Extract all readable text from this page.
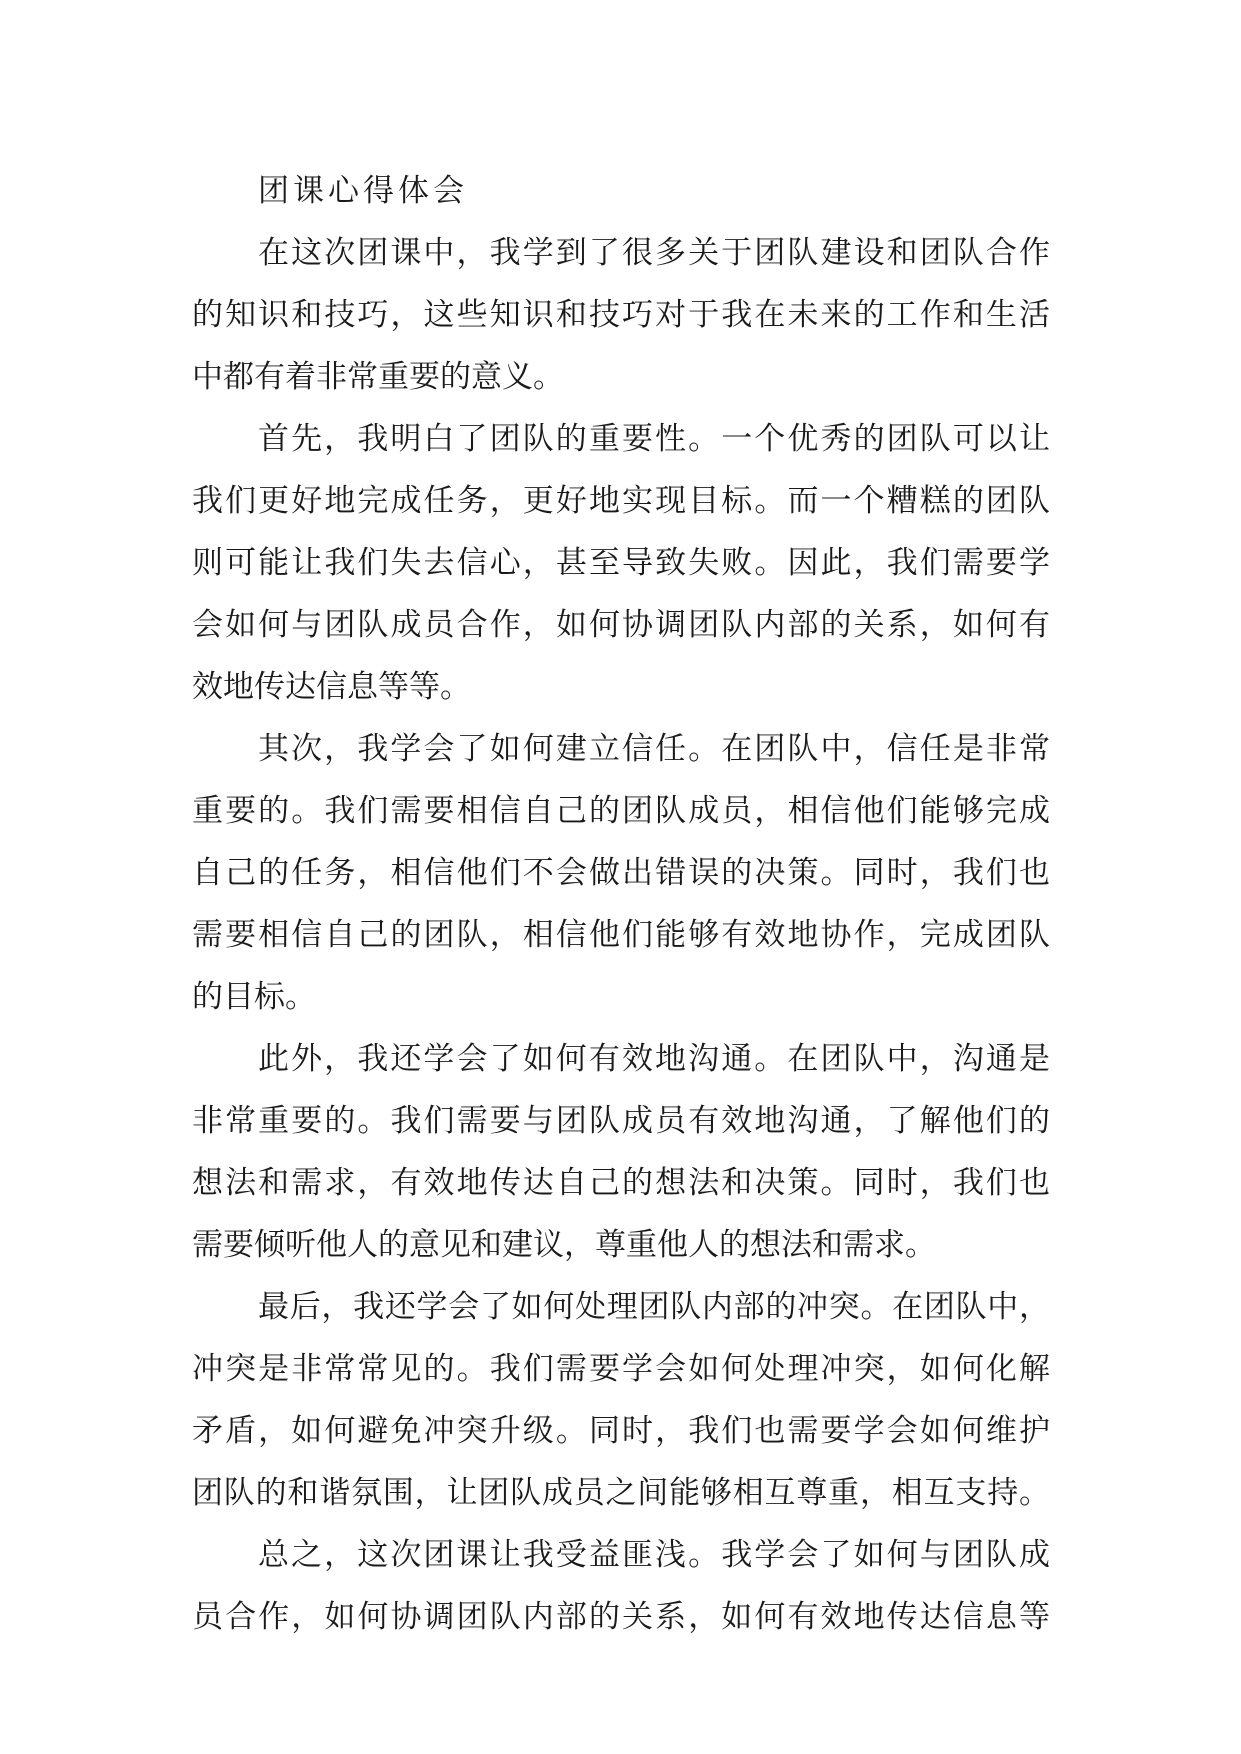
团课心得体会
在这次团课中，我学到了很多关于团队建设和团队合作
的知识和技巧，这些知识和技巧对于我在未来的工作和生活
中都有着非常重要的意义。
首先，我明白了团队的重要性。一个优秀的团队可以让
我们更好地完成任务，更好地实现目标。而一个糟糕的团队
则可能让我们失去信心，甚至导致失败。因此，我们需要学
会如何与团队成员合作，如何协调团队内部的关系，如何有
效地传达信息等等。
其次，我学会了如何建立信任。在团队中，信任是非常
重要的。我们需要相信自己的团队成员，相信他们能够完成
自己的任务，相信他们不会做出错误的决策。同时，我们也
需要相信自己的团队，相信他们能够有效地协作，完成团队
的目标。
此外，我还学会了如何有效地沟通。在团队中，沟通是
非常重要的。我们需要与团队成员有效地沟通，了解他们的
想法和需求，有效地传达自己的想法和决策。同时，我们也
需要倾听他人的意见和建议，尊重他人的想法和需求。
最后，我还学会了如何处理团队内部的冲突。在团队中，
冲突是非常常见的。我们需要学会如何处理冲突，如何化解
矛盾，如何避免冲突升级。同时，我们也需要学会如何维护
团队的和谐氛围，让团队成员之间能够相互尊重，相互支持。
总之，这次团课让我受益匪浅。我学会了如何与团队成
员合作，如何协调团队内部的关系，如何有效地传达信息等
